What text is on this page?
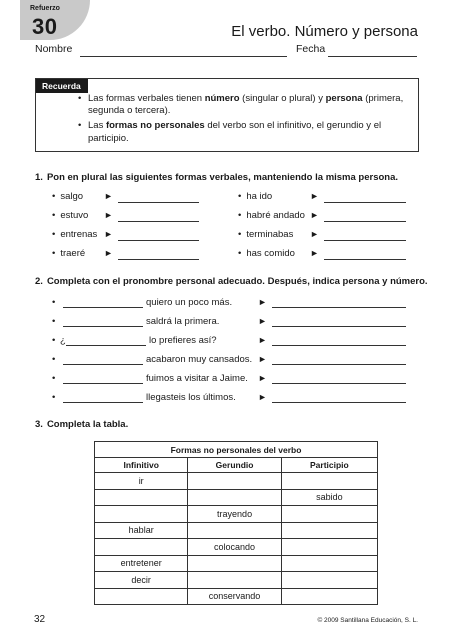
Refuerzo
30	El verbo. Número y persona
Nombre	Fecha
Recuerda
• Las formas verbales tienen número (singular o plural) y persona (primera, segunda o tercera).
• Las formas no personales del verbo son el infinitivo, el gerundio y el participio.
1. Pon en plural las siguientes formas verbales, manteniendo la misma persona.
• salgo ►
• estuvo ►
• entrenas ►
• traeré ►
• ha ido	►
• habré andado ►
• terminabas ►
• has comido ►
2. Completa con el pronombre personal adecuado. Después, indica persona y número.
•	quiero un poco más.	►
•	saldrá la primera.	►
• ¿	lo prefieres así?	►
•	acabaron muy cansados. ►
•	fuimos a visitar a Jaime. ►
•	llegasteis los últimos. ►
3. Completa la tabla.
Formas no personales del verbo		
Infinitivo	Gerundio	Participio
ir		
		sabido
	trayendo	
hablar		
	colocando	
entretener		
decir		
	conservando	
32	© 2009 Santillana Educación, S. L.
